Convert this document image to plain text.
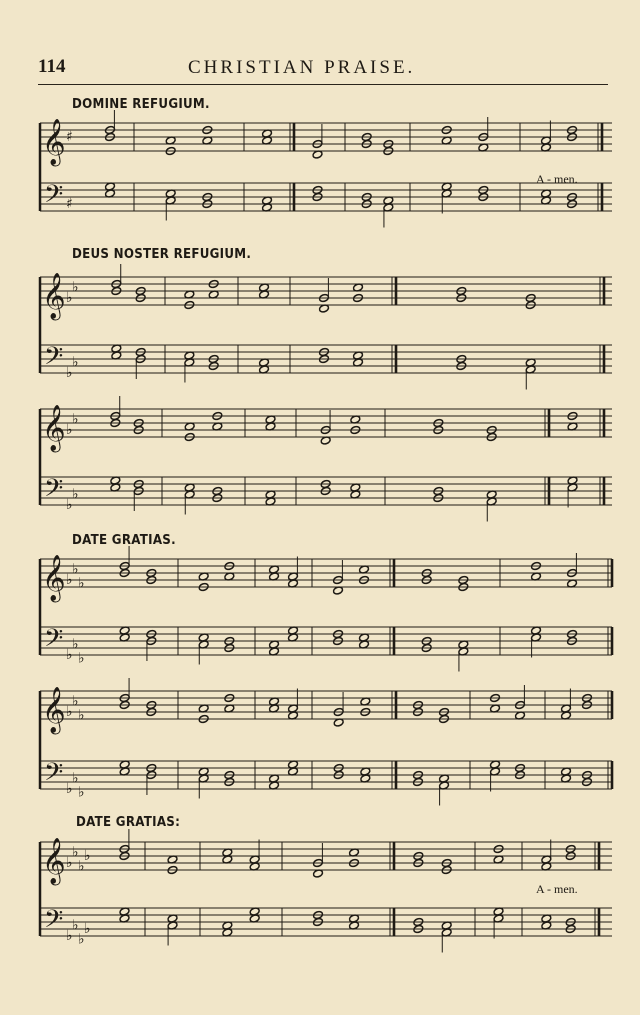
114	CHRISTIAN PRAISE.
DOMINE REFUGIUM.
DEUS NOSTER REFUGIUM.
DATE GRATIAS.
DATE GRATIAS:
A - men.
A - men.
𝄞
𝄢
♯
♯
𝄞
𝄢
♭
♭
♭
♭
𝄞
𝄢
♭
♭
♭
♭
𝄞
𝄢
♭
♭
♭
♭
♭
♭
𝄞
𝄢
♭
♭
♭
♭
♭
♭
𝄞
𝄢
♭
♭
♭
♭
♭
♭
♭
♭
